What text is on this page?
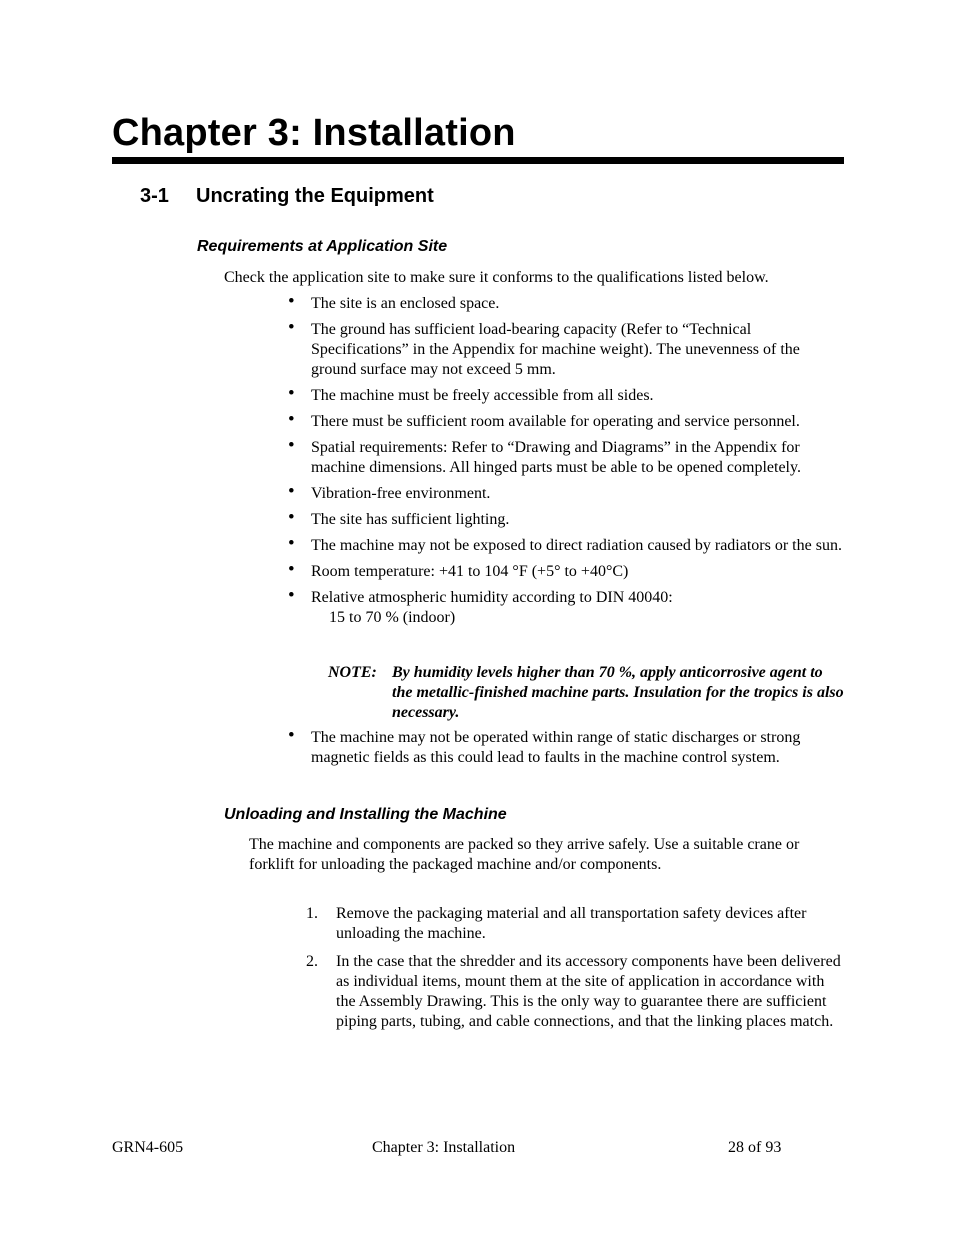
Chapter 3: Installation
3-1 Uncrating the Equipment
Requirements at Application Site

Check the application site to make sure it conforms to the qualifications listed below.

• The site is an enclosed space.
• The ground has sufficient load-bearing capacity (Refer to “Technical Specifications” in the Appendix for machine weight). The unevenness of the ground surface may not exceed 5 mm.
• The machine must be freely accessible from all sides.
• There must be sufficient room available for operating and service personnel.
• Spatial requirements: Refer to “Drawing and Diagrams” in the Appendix for machine dimensions. All hinged parts must be able to be opened completely.
• Vibration-free environment.
• The site has sufficient lighting.
• The machine may not be exposed to direct radiation caused by radiators or the sun.
• Room temperature: +41 to 104 °F (+5° to +40°C)
• Relative atmospheric humidity according to DIN 40040:
15 to 70 % (indoor)
NOTE: By humidity levels higher than 70 %, apply anticorrosive agent to the metallic-finished machine parts. Insulation for the tropics is also necessary.
• The machine may not be operated within range of static discharges or strong magnetic fields as this could lead to faults in the machine control system.
Unloading and Installing the Machine

The machine and components are packed so they arrive safely. Use a suitable crane or forklift for unloading the packaged machine and/or components.

1. Remove the packaging material and all transportation safety devices after unloading the machine.
2. In the case that the shredder and its accessory components have been delivered as individual items, mount them at the site of application in accordance with the Assembly Drawing. This is the only way to guarantee there are sufficient piping parts, tubing, and cable connections, and that the linking places match.
GRN4-605	Chapter 3: Installation	28 of 93
